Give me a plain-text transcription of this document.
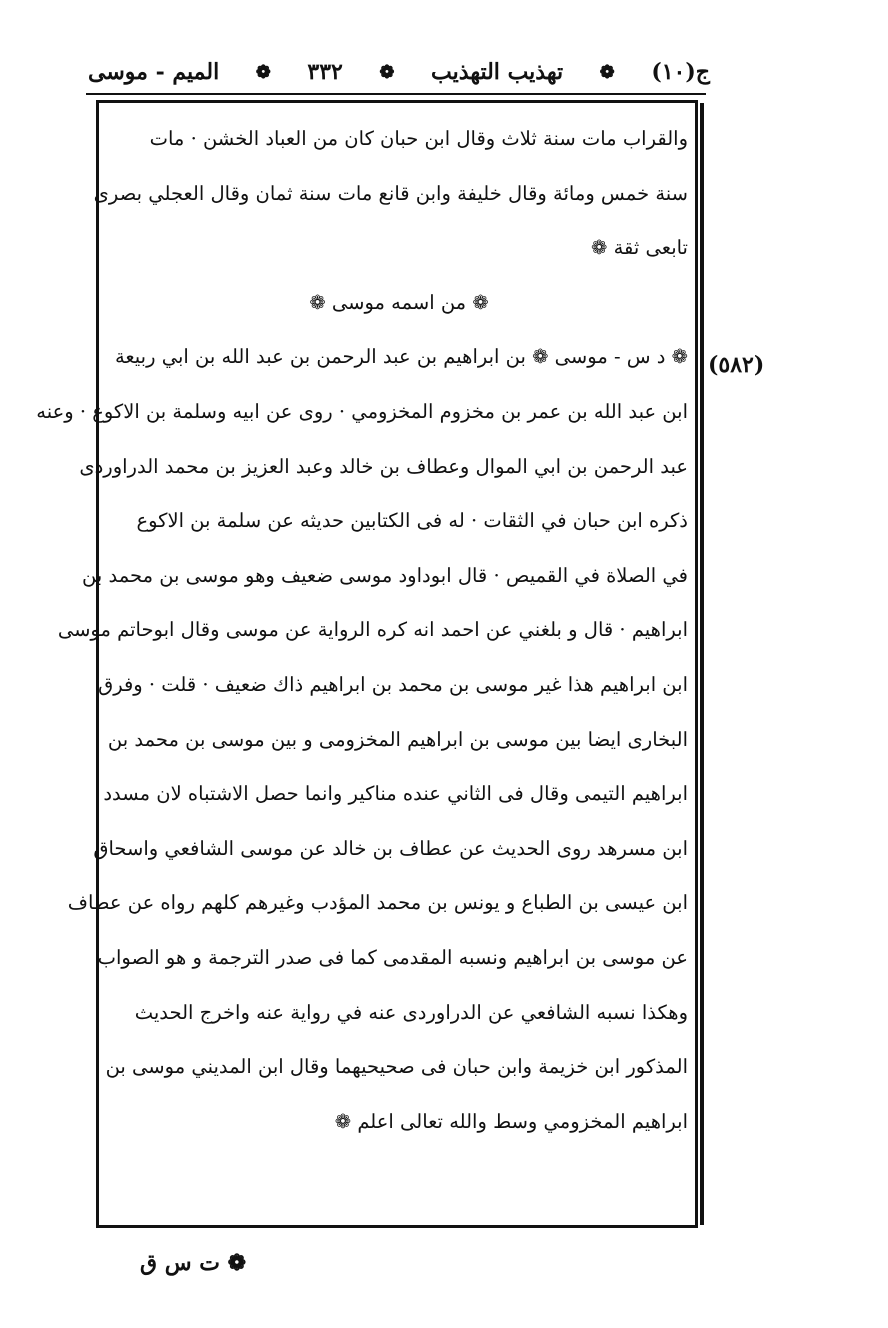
ج(١٠)
❁
تهذيب التهذيب
❁
٣٣٢
❁
الميم - موسى
(٥٨٢)
والقراب مات سنة ثلاث وقال ابن حبان كان من العباد الخشن · مات
سنة خمس ومائة وقال خليفة وابن قانع مات سنة ثمان وقال العجلي بصرى
تابعى ثقة ❁
❁ من اسمه موسى ❁
❁ د س - موسى ❁ بن ابراهيم بن عبد الرحمن بن عبد الله بن ابي ربيعة
ابن عبد الله بن عمر بن مخزوم المخزومي · روى عن ابيه وسلمة بن الاكوع · وعنه
عبد الرحمن بن ابي الموال وعطاف بن خالد وعبد العزيز بن محمد الدراوردى
ذكره ابن حبان في الثقات · له فى الكتابين حديثه عن سلمة بن الاكوع
في الصلاة في القميص · قال ابوداود موسى ضعيف وهو موسى بن محمد بن
ابراهيم · قال و بلغني عن احمد انه كره الرواية عن موسى وقال ابوحاتم موسى
ابن ابراهيم هذا غير موسى بن محمد بن ابراهيم ذاك ضعيف · قلت · وفرق
البخارى ايضا بين موسى بن ابراهيم المخزومى و بين موسى بن محمد بن
ابراهيم التيمى وقال فى الثاني عنده مناكير وانما حصل الاشتباه لان مسدد
ابن مسرهد روى الحديث عن عطاف بن خالد عن موسى الشافعي واسحاق
ابن عيسى بن الطباع و يونس بن محمد المؤدب وغيرهم كلهم رواه عن عطاف
عن موسى بن ابراهيم ونسبه المقدمى كما فى صدر الترجمة و هو الصواب
وهكذا نسبه الشافعي عن الدراوردى عنه في رواية عنه واخرج الحديث
المذكور ابن خزيمة وابن حبان فى صحيحيهما وقال ابن المديني موسى بن
ابراهيم المخزومي وسط والله تعالى اعلم ❁
❁ ت س ق
